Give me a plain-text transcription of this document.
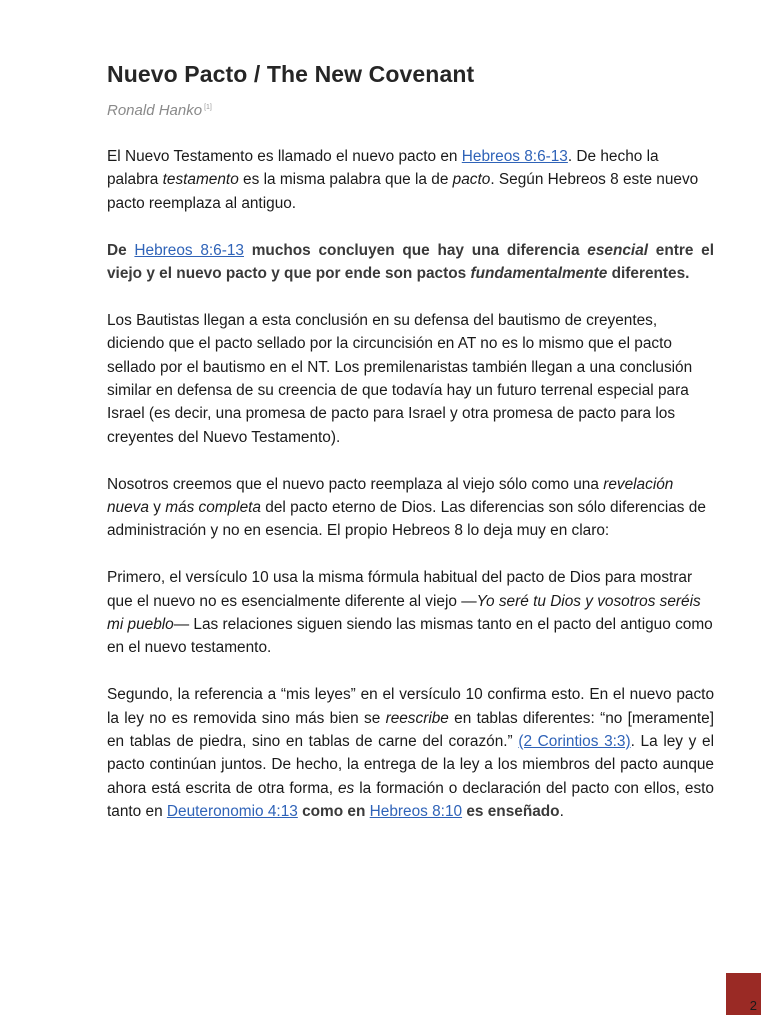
Nuevo Pacto / The New Covenant
Ronald Hanko [1]

El Nuevo Testamento es llamado el nuevo pacto en Hebreos 8:6-13. De hecho la palabra testamento es la misma palabra que la de pacto. Según Hebreos 8 este nuevo pacto reemplaza al antiguo.

De Hebreos 8:6-13 muchos concluyen que hay una diferencia esencial entre el viejo y el nuevo pacto y que por ende son pactos fundamentalmente diferentes.

Los Bautistas llegan a esta conclusión en su defensa del bautismo de creyentes, diciendo que el pacto sellado por la circuncisión en AT no es lo mismo que el pacto sellado por el bautismo en el NT. Los premilenaristas también llegan a una conclusión similar en defensa de su creencia de que todavía hay un futuro terrenal especial para Israel (es decir, una promesa de pacto para Israel y otra promesa de pacto para los creyentes del Nuevo Testamento).

Nosotros creemos que el nuevo pacto reemplaza al viejo sólo como una revelación nueva y más completa del pacto eterno de Dios. Las diferencias son sólo diferencias de administración y no en esencia. El propio Hebreos 8 lo deja muy en claro:

Primero, el versículo 10 usa la misma fórmula habitual del pacto de Dios para mostrar que el nuevo no es esencialmente diferente al viejo —Yo seré tu Dios y vosotros seréis mi pueblo— Las relaciones siguen siendo las mismas tanto en el pacto del antiguo como en el nuevo testamento.

Segundo, la referencia a “mis leyes” en el versículo 10 confirma esto. En el nuevo pacto la ley no es removida sino más bien se reescribe en tablas diferentes: “no [meramente] en tablas de piedra, sino en tablas de carne del corazón.” (2 Corintios 3:3). La ley y el pacto continúan juntos. De hecho, la entrega de la ley a los miembros del pacto aunque ahora está escrita de otra forma, es la formación o declaración del pacto con ellos, esto tanto en Deuteronomio 4:13 como en Hebreos 8:10 es enseñado.

2
